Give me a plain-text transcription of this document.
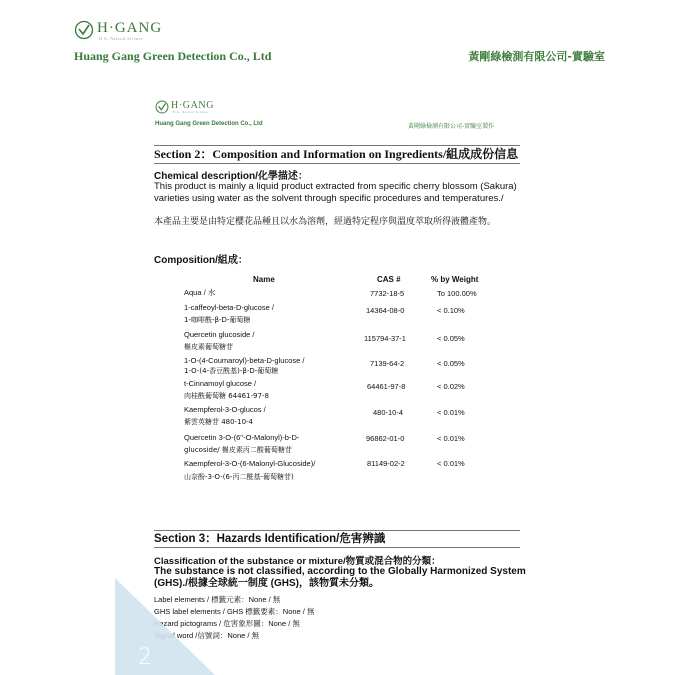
H·GANG
H.G. Natural Science
Huang Gang Green Detection Co., Ltd	黃剛綠檢測有限公司-實驗室
H·GANG
H.G. Natural Science
Huang Gang Green Detection Co., Ltd	黃剛綠檢測有限公司-實驗室製作
Section 2：Composition and Information on Ingredients/組成成份信息
Chemical description/化學描述：
This product is mainly a liquid product extracted from specific cherry blossom (Sakura) varieties using water as the solvent through specific procedures and temperatures./
本產品主要是由特定櫻花品種且以水為溶劑，經過特定程序與溫度萃取所得液體產物。
Composition/組成：
Name	CAS #	% by Weight
Aqua / 水	7732-18-5	To 100.00%
1-caffeoyl-beta-D-glucose /
1-咖啡酰-β-D-葡萄糖
14364-08-0	< 0.10%
Quercetin glucoside /
槲皮素葡萄糖苷
115794-37-1	< 0.05%
1-O-(4-Coumaroyl)-beta-D-glucose /
1-O-(4-香豆酰基)-β-D-葡萄糖
7139-64-2	< 0.05%
t-Cinnamoyl glucose /
肉桂酰葡萄糖 64461-97-8
64461-97-8	< 0.02%
Kaempferol-3-O-glucos /
紫雲英糖苷 480-10-4
480-10-4	< 0.01%
Quercetin 3-O-(6''-O-Malonyl)-b-D-
glucoside/ 槲皮素丙二酸葡萄糖苷
96862-01-0	< 0.01%
Kaempferol-3-O-(6-Malonyl-Glucoside)/
山奈酚-3-O-(6-丙二酰基-葡萄糖苷)
81149-02-2	< 0.01%
Section 3：Hazards Identification/危害辨識
Classification of the substance or mixture/物質或混合物的分類：
The substance is not classified, according to the Globally Harmonized System (GHS)./根據全球統一制度 (GHS)，該物質未分類。
Label elements / 標籤元素：None / 無
GHS label elements / GHS 標籤要素：None / 無
Hazard pictograms / 危害象形圖：None / 無
Signal word /信號詞：None / 無
2
